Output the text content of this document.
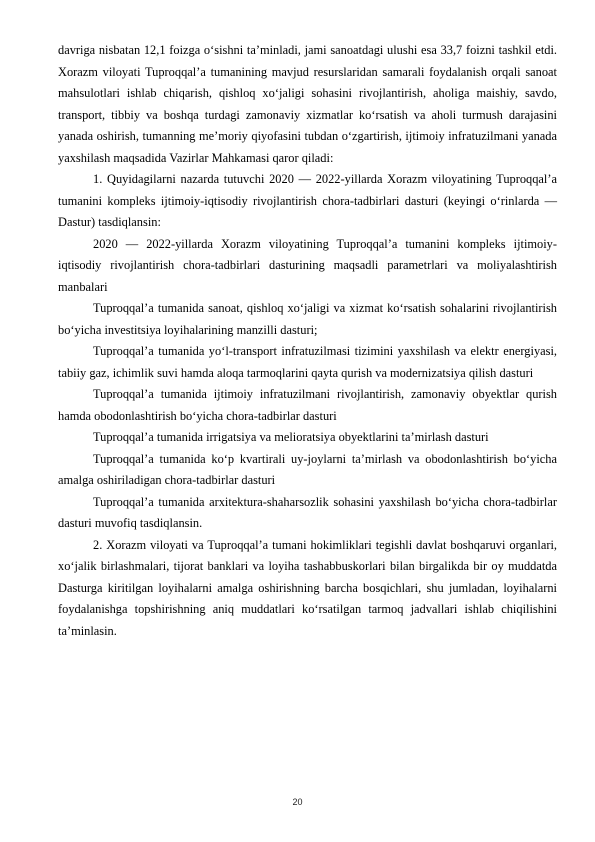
davriga nisbatan 12,1 foizga oʻsishni taʼminladi, jami sanoatdagi ulushi esa 33,7 foizni tashkil etdi. Xorazm viloyati Tuproqqalʼa tumanining mavjud resurslaridan samarali foydalanish orqali sanoat mahsulotlari ishlab chiqarish, qishloq xoʻjaligi sohasini rivojlantirish, aholiga maishiy, savdo, transport, tibbiy va boshqa turdagi zamonaviy xizmatlar koʻrsatish va aholi turmush darajasini yanada oshirish, tumanning meʼmoriy qiyofasini tubdan oʻzgartirish, ijtimoiy infratuzilmani yanada yaxshilash maqsadida Vazirlar Mahkamasi qaror qiladi:

1. Quyidagilarni nazarda tutuvchi 2020 — 2022-yillarda Xorazm viloyatining Tuproqqalʼa tumanini kompleks ijtimoiy-iqtisodiy rivojlantirish chora-tadbirlari dasturi (keyingi oʻrinlarda — Dastur) tasdiqlansin:

2020 — 2022-yillarda Xorazm viloyatining Tuproqqalʼa tumanini kompleks ijtimoiy-iqtisodiy rivojlantirish chora-tadbirlari dasturining maqsadli parametrlari va moliyalashtirish manbalari

Tuproqqalʼa tumanida sanoat, qishloq xoʻjaligi va xizmat koʻrsatish sohalarini rivojlantirish boʻyicha investitsiya loyihalarining manzilli dasturi;

Tuproqqalʼa tumanida yoʻl-transport infratuzilmasi tizimini yaxshilash va elektr energiyasi, tabiiy gaz, ichimlik suvi hamda aloqa tarmoqlarini qayta qurish va modernizatsiya qilish dasturi

Tuproqqalʼa tumanida ijtimoiy infratuzilmani rivojlantirish, zamonaviy obyektlar qurish hamda obodonlashtirish boʻyicha chora-tadbirlar dasturi

Tuproqqalʼa tumanida irrigatsiya va melioratsiya obyektlarini taʼmirlash dasturi

Tuproqqalʼa tumanida koʻp kvartirali uy-joylarni taʼmirlash va obodonlashtirish boʻyicha amalga oshiriladigan chora-tadbirlar dasturi

Tuproqqalʼa tumanida arxitektura-shaharsozlik sohasini yaxshilash boʻyicha chora-tadbirlar dasturi muvofiq tasdiqlansin.

2. Xorazm viloyati va Tuproqqalʼa tumani hokimliklari tegishli davlat boshqaruvi organlari, xoʻjalik birlashmalari, tijorat banklari va loyiha tashabbuskorlari bilan birgalikda bir oy muddatda Dasturga kiritilgan loyihalarni amalga oshirishning barcha bosqichlari, shu jumladan, loyihalarni foydalanishga topshirishning aniq muddatlari koʻrsatilgan tarmoq jadvallari ishlab chiqilishini taʼminlasin.

20
